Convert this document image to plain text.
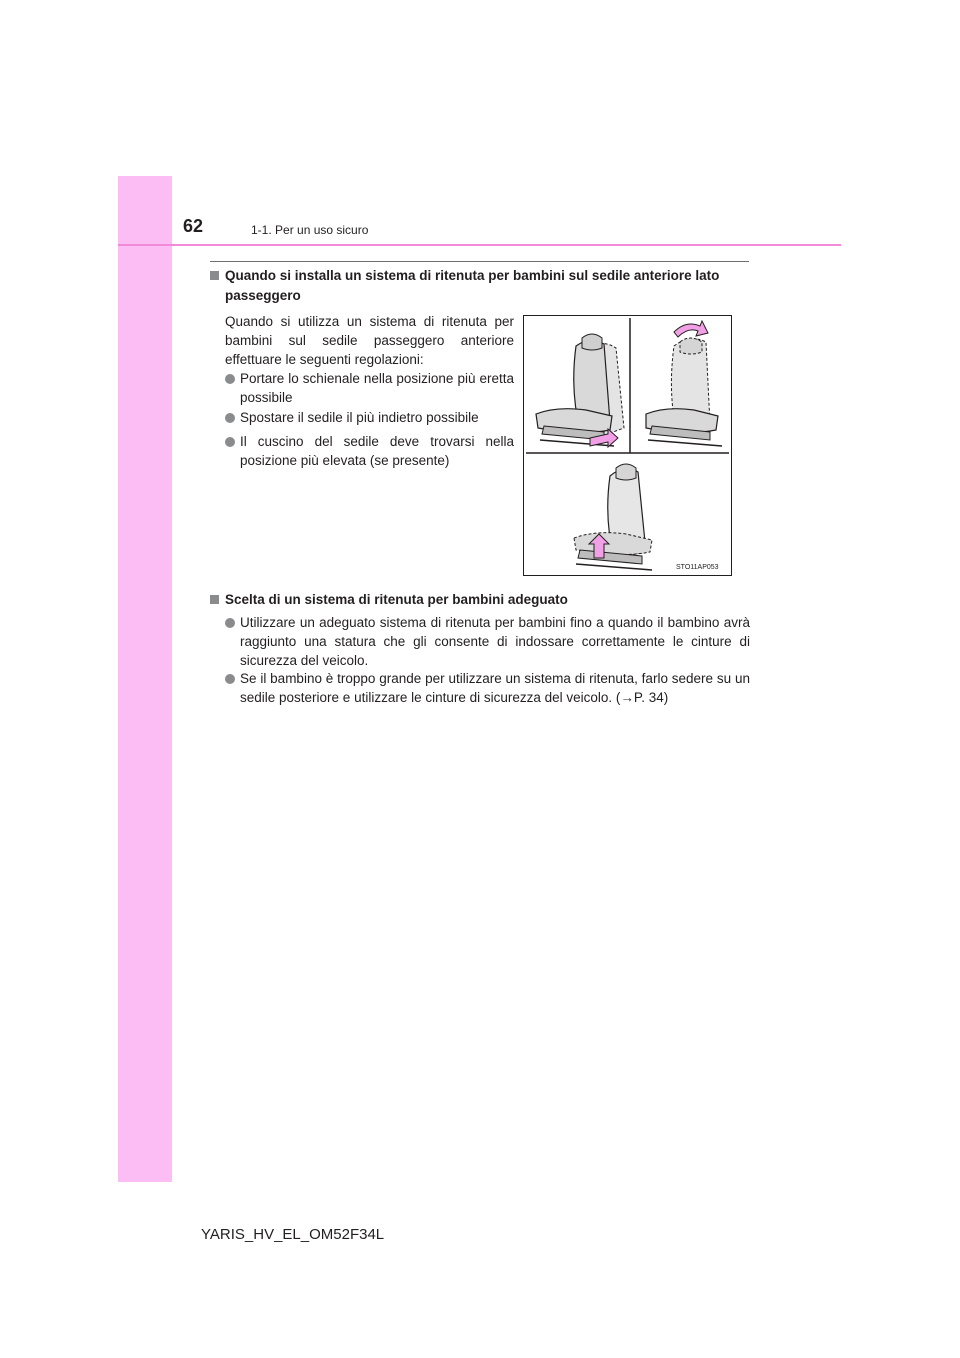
62	1-1. Per un uso sicuro
Quando si installa un sistema di ritenuta per bambini sul sedile anteriore lato
passeggero
Quando si utilizza un sistema di ritenuta per bambini sul sedile passeggero anteriore effettuare le seguenti regolazioni:
Portare lo schienale nella posizione più eretta possibile
Spostare il sedile il più indietro possibile
Il cuscino del sedile deve trovarsi nella posizione più elevata (se presente)
STO11AP053
Scelta di un sistema di ritenuta per bambini adeguato
Utilizzare un adeguato sistema di ritenuta per bambini fino a quando il bambino avrà raggiunto una statura che gli consente di indossare correttamente le cinture di sicurezza del veicolo.
Se il bambino è troppo grande per utilizzare un sistema di ritenuta, farlo sedere su un sedile posteriore e utilizzare le cinture di sicurezza del veicolo. (→P. 34)
YARIS_HV_EL_OM52F34L
